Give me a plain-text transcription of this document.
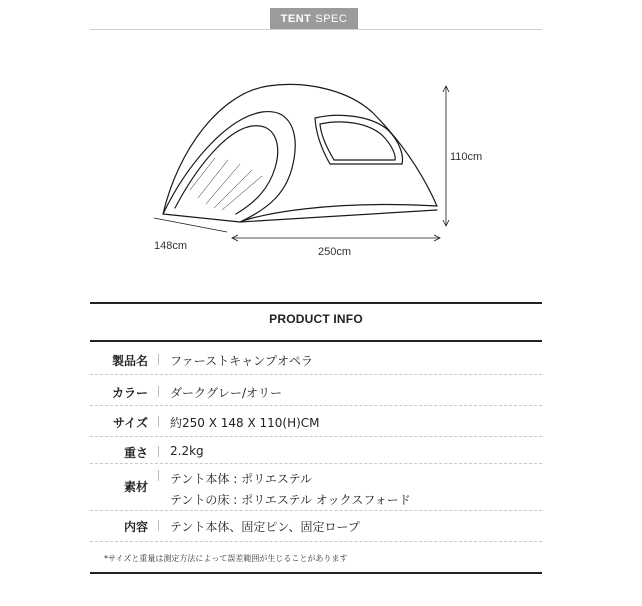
TENT SPEC
110cm
148cm	250cm
PRODUCT INFO
製品名 ファーストキャンプオペラ
カラー ダークグレー/オリー
サイズ 約250 X 148 X 110(H)CM
重さ 2.2kg
素材
テント本体 : ポリエステル
テントの床 : ポリエステル オックスフォード
内容 テント本体、固定ピン、固定ロープ
*サイズと重量は測定方法によって誤差範囲が生じることがあります
